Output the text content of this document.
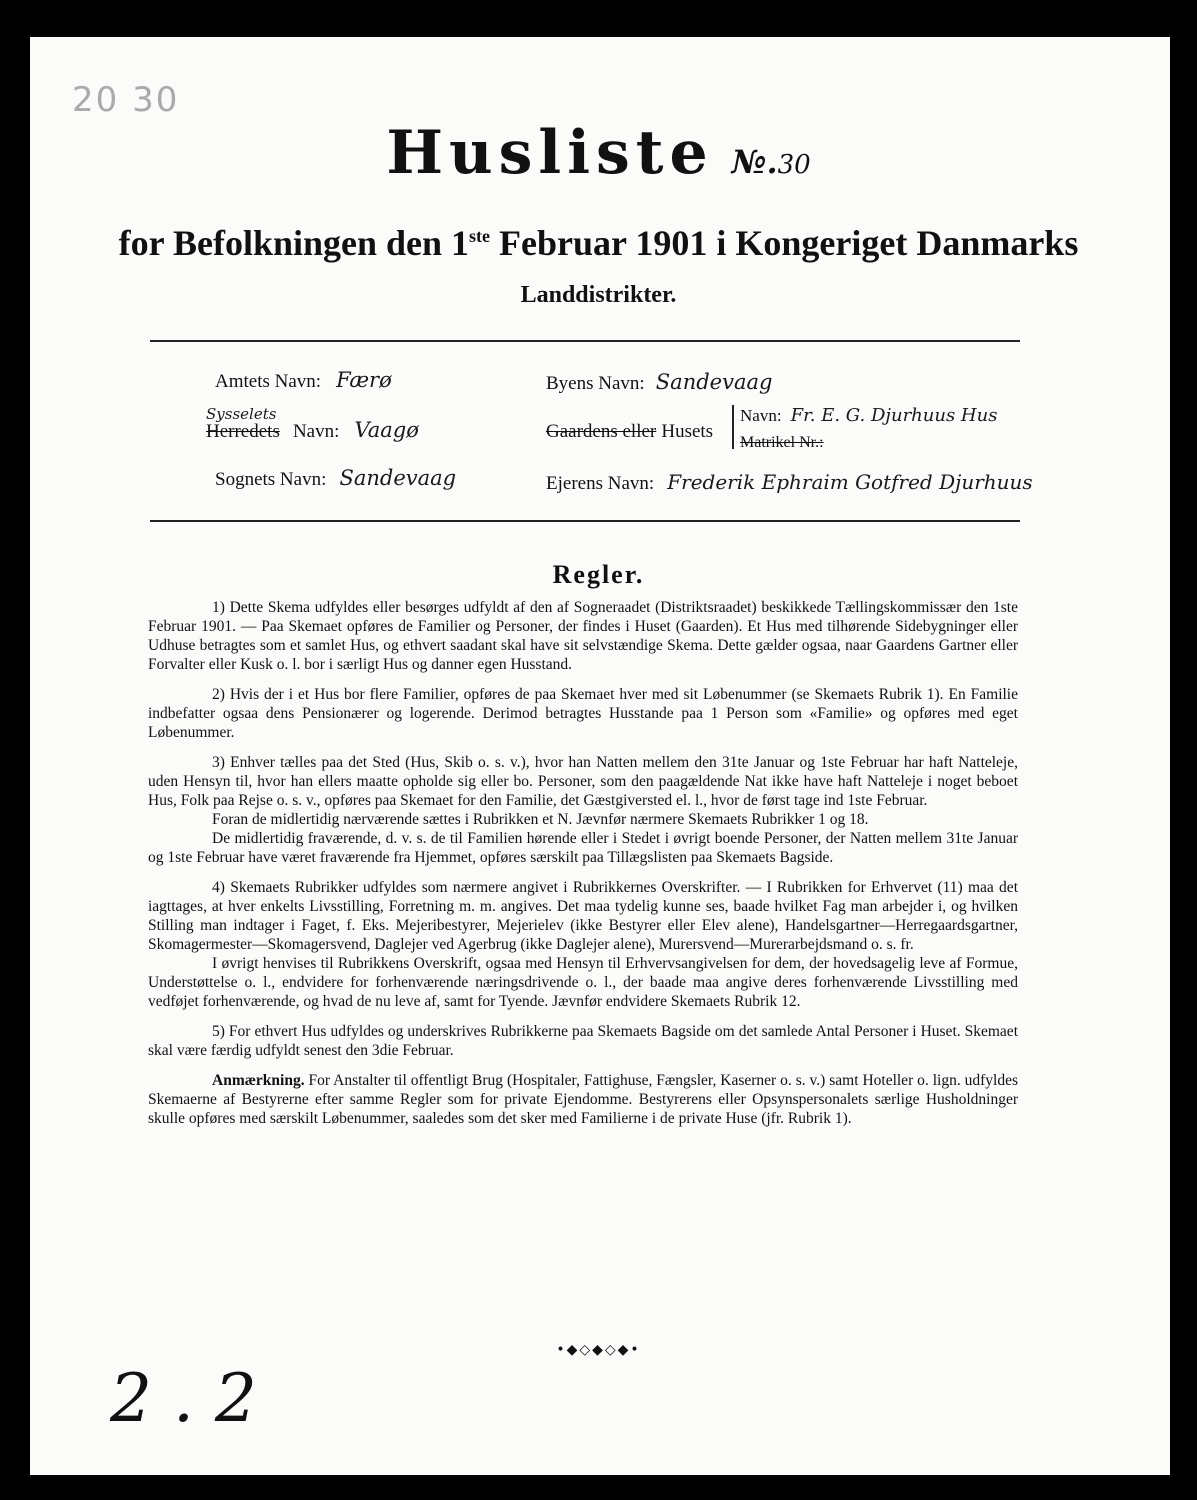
20 30
Husliste №.30
for Befolkningen den 1ste Februar 1901 i Kongeriget Danmarks
Landdistrikter.
Amtets Navn: Færø
Sysselets
Herredets Navn: Vaagø
Sognets Navn: Sandevaag
Byens Navn: Sandevaag
Gaardens eller Husets
Navn: Fr. E. G. Djurhuus Hus
Matrikel Nr.:
Ejerens Navn: Frederik Ephraim Gotfred Djurhuus
Regler.

1) Dette Skema udfyldes eller besørges udfyldt af den af Sogneraadet (Distriktsraadet) beskikkede Tællingskommissær den 1ste Februar 1901. — Paa Skemaet opføres de Familier og Personer, der findes i Huset (Gaarden). Et Hus med tilhørende Sidebygninger eller Udhuse betragtes som et samlet Hus, og ethvert saadant skal have sit selvstændige Skema. Dette gælder ogsaa, naar Gaardens Gartner eller Forvalter eller Kusk o. l. bor i særligt Hus og danner egen Husstand.

2) Hvis der i et Hus bor flere Familier, opføres de paa Skemaet hver med sit Løbenummer (se Skemaets Rubrik 1). En Familie indbefatter ogsaa dens Pensionærer og logerende. Derimod betragtes Husstande paa 1 Person som «Familie» og opføres med eget Løbenummer.

3) Enhver tælles paa det Sted (Hus, Skib o. s. v.), hvor han Natten mellem den 31te Januar og 1ste Februar har haft Natteleje, uden Hensyn til, hvor han ellers maatte opholde sig eller bo. Personer, som den paagældende Nat ikke have haft Natteleje i noget beboet Hus, Folk paa Rejse o. s. v., opføres paa Skemaet for den Familie, det Gæstgiversted el. l., hvor de først tage ind 1ste Februar.

Foran de midlertidig nærværende sættes i Rubrikken et N. Jævnfør nærmere Skemaets Rubrikker 1 og 18.

De midlertidig fraværende, d. v. s. de til Familien hørende eller i Stedet i øvrigt boende Personer, der Natten mellem 31te Januar og 1ste Februar have været fraværende fra Hjemmet, opføres særskilt paa Tillægslisten paa Skemaets Bagside.

4) Skemaets Rubrikker udfyldes som nærmere angivet i Rubrikkernes Overskrifter. — I Rubrikken for Erhvervet (11) maa det iagttages, at hver enkelts Livsstilling, Forretning m. m. angives. Det maa tydelig kunne ses, baade hvilket Fag man arbejder i, og hvilken Stilling man indtager i Faget, f. Eks. Mejeribestyrer, Mejerielev (ikke Bestyrer eller Elev alene), Handelsgartner—Herregaardsgartner, Skomagermester—Skomagersvend, Daglejer ved Agerbrug (ikke Daglejer alene), Murersvend—Murerarbejdsmand o. s. fr.

I øvrigt henvises til Rubrikkens Overskrift, ogsaa med Hensyn til Erhvervsangivelsen for dem, der hovedsagelig leve af Formue, Understøttelse o. l., endvidere for forhenværende næringsdrivende o. l., der baade maa angive deres forhenværende Livsstilling med vedføjet forhenværende, og hvad de nu leve af, samt for Tyende. Jævnfør endvidere Skemaets Rubrik 12.

5) For ethvert Hus udfyldes og underskrives Rubrikkerne paa Skemaets Bagside om det samlede Antal Personer i Huset. Skemaet skal være færdig udfyldt senest den 3die Februar.

Anmærkning. For Anstalter til offentligt Brug (Hospitaler, Fattighuse, Fængsler, Kaserner o. s. v.) samt Hoteller o. lign. udfyldes Skemaerne af Bestyrerne efter samme Regler som for private Ejendomme. Bestyrerens eller Opsynspersonalets særlige Husholdninger skulle opføres med særskilt Løbenummer, saaledes som det sker med Familierne i de private Huse (jfr. Rubrik 1).

•◆◇◆◇◆•
2 . 2
